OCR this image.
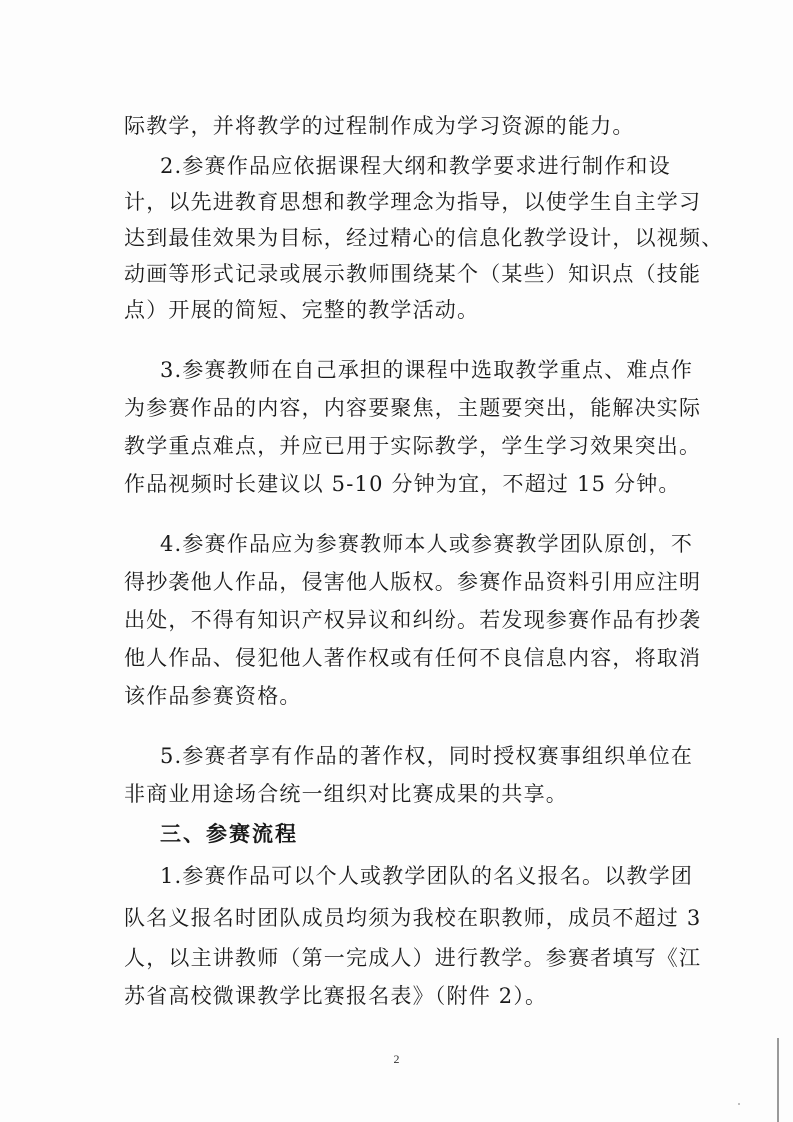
际教学，并将教学的过程制作成为学习资源的能力。
2.参赛作品应依据课程大纲和教学要求进行制作和设
计，以先进教育思想和教学理念为指导，以使学生自主学习
达到最佳效果为目标，经过精心的信息化教学设计，以视频、
动画等形式记录或展示教师围绕某个（某些）知识点（技能
点）开展的简短、完整的教学活动。
3.参赛教师在自己承担的课程中选取教学重点、难点作
为参赛作品的内容，内容要聚焦，主题要突出，能解决实际
教学重点难点，并应已用于实际教学，学生学习效果突出。
作品视频时长建议以 5-10 分钟为宜，不超过 15 分钟。
4.参赛作品应为参赛教师本人或参赛教学团队原创，不
得抄袭他人作品，侵害他人版权。参赛作品资料引用应注明
出处，不得有知识产权异议和纠纷。若发现参赛作品有抄袭
他人作品、侵犯他人著作权或有任何不良信息内容，将取消
该作品参赛资格。
5.参赛者享有作品的著作权，同时授权赛事组织单位在
非商业用途场合统一组织对比赛成果的共享。
三、参赛流程
1.参赛作品可以个人或教学团队的名义报名。以教学团
队名义报名时团队成员均须为我校在职教师，成员不超过 3
人，以主讲教师（第一完成人）进行教学。参赛者填写《江
苏省高校微课教学比赛报名表》（附件 2）。
2
